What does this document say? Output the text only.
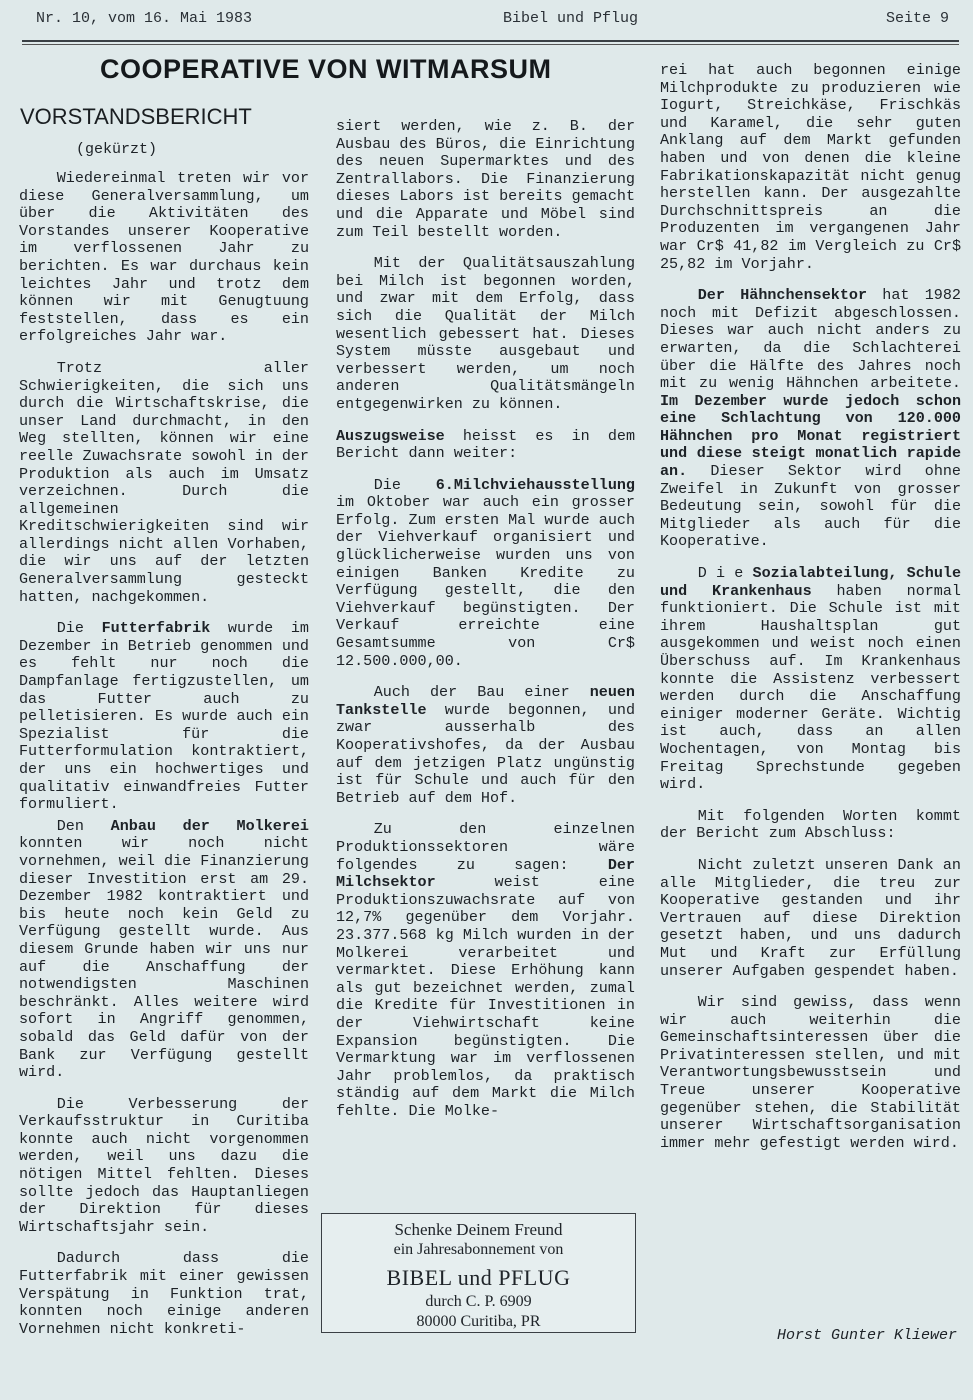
Nr. 10, vom 16. Mai 1983	Bibel und Pflug	Seite 9
COOPERATIVE VON WITMARSUM
VORSTANDSBERICHT
(gekürzt)

Wiedereinmal treten wir vor diese Generalversammlung, um über die Aktivitäten des Vorstandes unserer Kooperative im verflossenen Jahr zu berichten. Es war durchaus kein leichtes Jahr und trotz dem können wir mit Genugtuung feststellen, dass es ein erfolgreiches Jahr war.

Trotz aller Schwierigkeiten, die sich uns durch die Wirtschaftskrise, die unser Land durchmacht, in den Weg stellten, können wir eine reelle Zuwachsrate sowohl in der Produktion als auch im Umsatz verzeichnen. Durch die allgemeinen Kreditschwierigkeiten sind wir allerdings nicht allen Vorhaben, die wir uns auf der letzten Generalversammlung gesteckt hatten, nachgekommen.

Die Futterfabrik wurde im Dezember in Betrieb genommen und es fehlt nur noch die Dampfanlage fertigzustellen, um das Futter auch zu pelletisieren. Es wurde auch ein Spezialist für die Futterformulation kontraktiert, der uns ein hochwertiges und qualitativ einwandfreies Futter formuliert.

Den Anbau der Molkerei konnten wir noch nicht vornehmen, weil die Finanzierung dieser Investition erst am 29. Dezember 1982 kontraktiert und bis heute noch kein Geld zu Verfügung gestellt wurde. Aus diesem Grunde haben wir uns nur auf die Anschaffung der notwendigsten Maschinen beschränkt. Alles weitere wird sofort in Angriff genommen, sobald das Geld dafür von der Bank zur Verfügung gestellt wird.

Die Verbesserung der Verkaufsstruktur in Curitiba konnte auch nicht vorgenommen werden, weil uns dazu die nötigen Mittel fehlten. Dieses sollte jedoch das Hauptanliegen der Direktion für dieses Wirtschaftsjahr sein.

Dadurch dass die Futterfabrik mit einer gewissen Verspätung in Funktion trat, konnten noch einige anderen Vornehmen nicht konkreti-

siert werden, wie z. B. der Ausbau des Büros, die Einrichtung des neuen Supermarktes und des Zentrallabors. Die Finanzierung dieses Labors ist bereits gemacht und die Apparate und Möbel sind zum Teil bestellt worden.

Mit der Qualitätsauszahlung bei Milch ist begonnen worden, und zwar mit dem Erfolg, dass sich die Qualität der Milch wesentlich gebessert hat. Dieses System müsste ausgebaut und verbessert werden, um noch anderen Qualitätsmängeln entgegenwirken zu können.

Auszugsweise heisst es in dem Bericht dann weiter:

Die 6.Milchviehausstellung im Oktober war auch ein grosser Erfolg. Zum ersten Mal wurde auch der Viehverkauf organisiert und glücklicherweise wurden uns von einigen Banken Kredite zu Verfügung gestellt, die den Viehverkauf begünstigten. Der Verkauf erreichte eine Gesamtsumme von Cr$ 12.500.000,00.

Auch der Bau einer neuen Tankstelle wurde begonnen, und zwar ausserhalb des Kooperativshofes, da der Ausbau auf dem jetzigen Platz ungünstig ist für Schule und auch für den Betrieb auf dem Hof.

Zu den einzelnen Produktionssektoren wäre folgendes zu sagen: Der Milchsektor weist eine Produktionszuwachsrate auf von 12,7% gegenüber dem Vorjahr. 23.377.568 kg Milch wurden in der Molkerei verarbeitet und vermarktet. Diese Erhöhung kann als gut bezeichnet werden, zumal die Kredite für Investitionen in der Viehwirtschaft keine Expansion begünstigten. Die Vermarktung war im verflossenen Jahr problemlos, da praktisch ständig auf dem Markt die Milch fehlte. Die Molke-

rei hat auch begonnen einige Milchprodukte zu produzieren wie Iogurt, Streichkäse, Frischkäs und Karamel, die sehr guten Anklang auf dem Markt gefunden haben und von denen die kleine Fabrikationskapazität nicht genug herstellen kann. Der ausgezahlte Durchschnittspreis an die Produzenten im vergangenen Jahr war Cr$ 41,82 im Vergleich zu Cr$ 25,82 im Vorjahr.

Der Hähnchensektor hat 1982 noch mit Defizit abgeschlossen. Dieses war auch nicht anders zu erwarten, da die Schlachterei über die Hälfte des Jahres noch mit zu wenig Hähnchen arbeitete. Im Dezember wurde jedoch schon eine Schlachtung von 120.000 Hähnchen pro Monat registriert und diese steigt monatlich rapide an. Dieser Sektor wird ohne Zweifel in Zukunft von grosser Bedeutung sein, sowohl für die Mitglieder als auch für die Kooperative.

D i e Sozialabteilung, Schule und Krankenhaus haben normal funktioniert. Die Schule ist mit ihrem Haushaltsplan gut ausgekommen und weist noch einen Überschuss auf. Im Krankenhaus konnte die Assistenz verbessert werden durch die Anschaffung einiger moderner Geräte. Wichtig ist auch, dass an allen Wochentagen, von Montag bis Freitag Sprechstunde gegeben wird.

Mit folgenden Worten kommt der Bericht zum Abschluss:

Nicht zuletzt unseren Dank an alle Mitglieder, die treu zur Kooperative gestanden und ihr Vertrauen auf diese Direktion gesetzt haben, und uns dadurch Mut und Kraft zur Erfüllung unserer Aufgaben gespendet haben.

Wir sind gewiss, dass wenn wir auch weiterhin die Gemeinschaftsinteressen über die Privatinteressen stellen, und mit Verantwortungsbewusstsein und Treue unserer Kooperative gegenüber stehen, die Stabilität unserer Wirtschaftsorganisation immer mehr gefestigt werden wird.

Schenke Deinem Freund
ein Jahresabonnement von
BIBEL und PFLUG
durch C. P. 6909
80000 Curitiba, PR
Horst Gunter Kliewer
